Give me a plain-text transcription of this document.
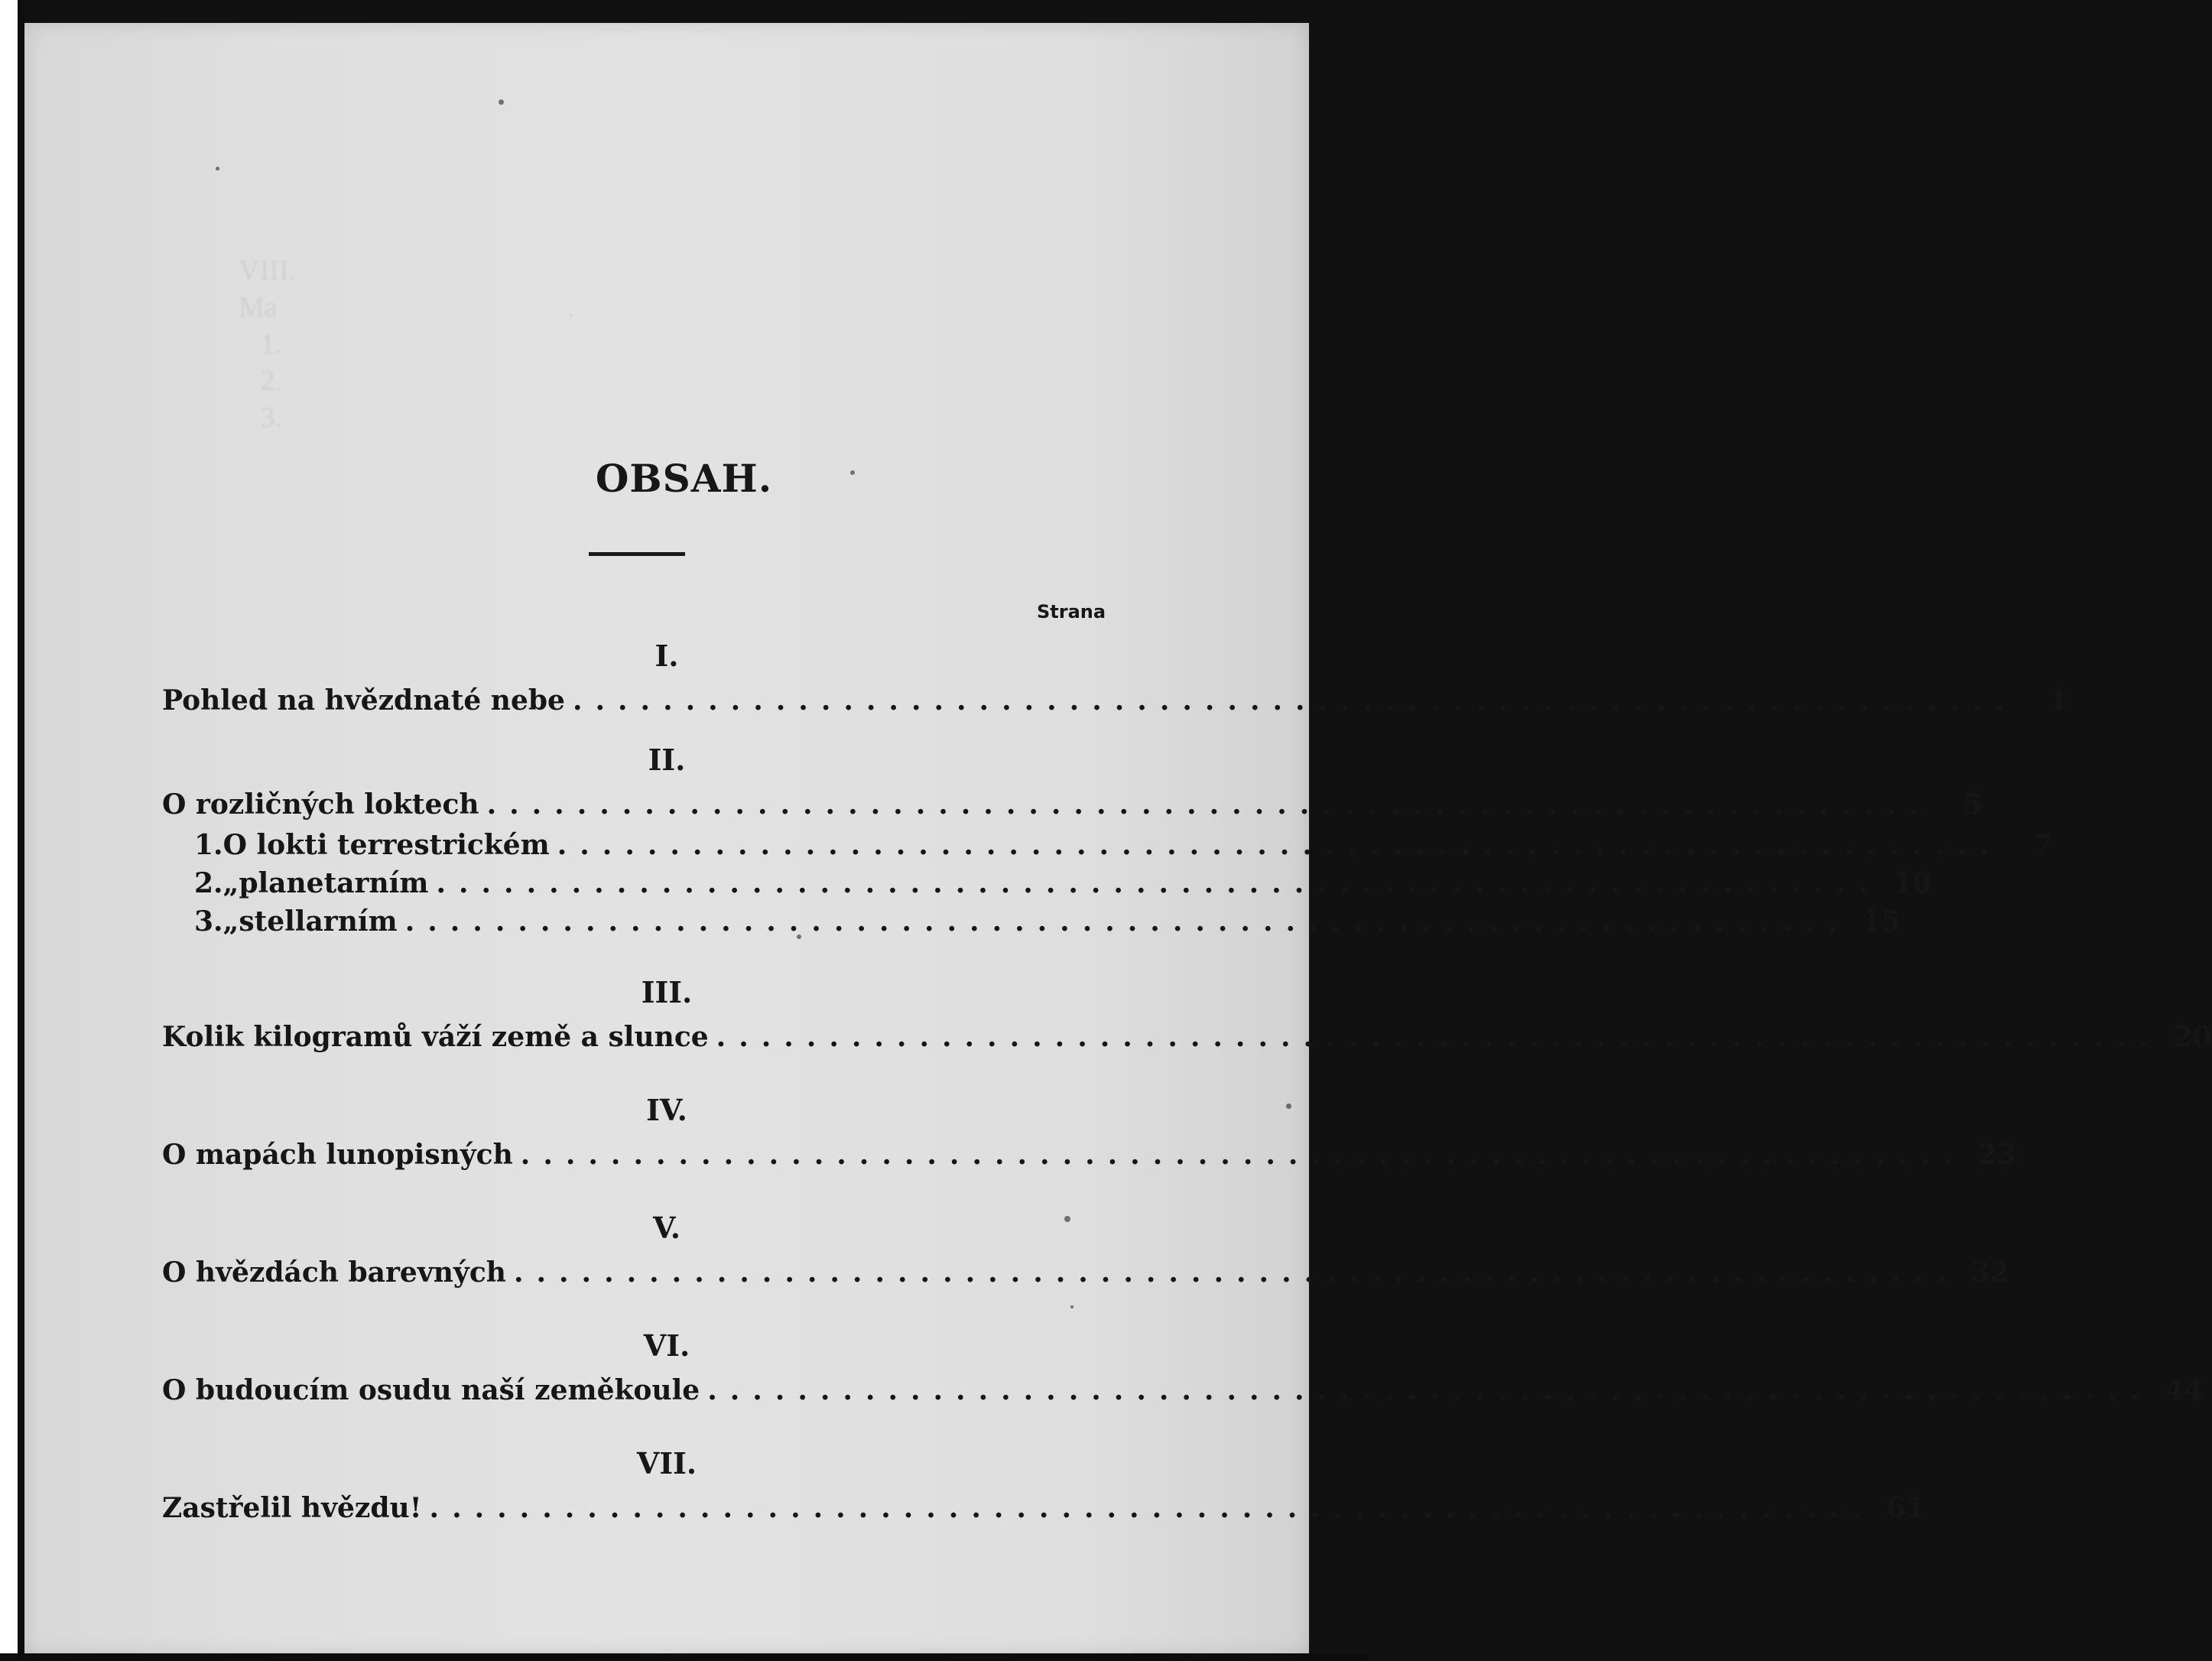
VIII.
Ma                                        .
1.
2.
3.
OBSAH.
Strana
I.
Pohled na hvězdnaté nebe ................................................................	1
II.
O rozličných loktech ................................................................	5
1. O lokti terrestrickém ................................................................	7
2. „ planetarním ................................................................ 10
3. „ stellarním ................................................................ 15
III.
Kolik kilogramů váží země a slunce ................................................................ 20
IV.
O mapách lunopisných ................................................................ 23
V.
O hvězdách barevných ................................................................ 32
VI.
O budoucím osudu naší zeměkoule ................................................................ 44
VII.
Zastřelil hvězdu! ................................................................ 61
